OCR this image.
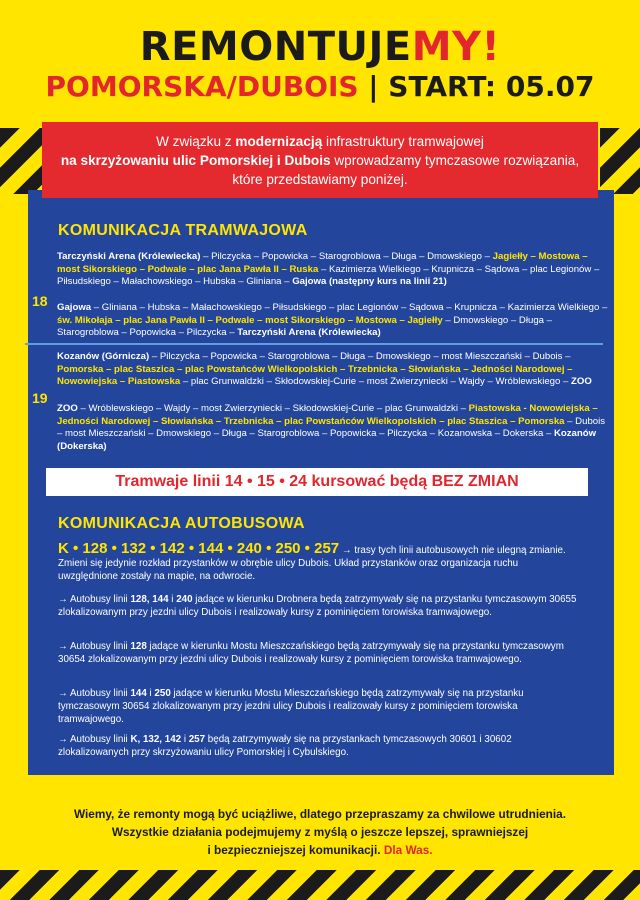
REMONTUJEMY!
POMORSKA/DUBOIS | START: 05.07
W związku z modernizacją infrastruktury tramwajowej
na skrzyżowaniu ulic Pomorskiej i Dubois wprowadzamy tymczasowe rozwiązania, które przedstawiamy poniżej.
KOMUNIKACJA TRAMWAJOWA
18
Tarczyński Arena (Królewiecka) – Pilczycka – Popowicka – Starogroblowa – Długa – Dmowskiego – Jagiełły – Mostowa – most Sikorskiego – Podwale – plac Jana Pawła II – Ruska – Kazimierza Wielkiego – Krupnicza – Sądowa – plac Legionów – Piłsudskiego – Małachowskiego – Hubska – Gliniana – Gajowa (następny kurs na linii 21)
Gajowa – Gliniana – Hubska – Małachowskiego – Piłsudskiego – plac Legionów – Sądowa – Krupnicza – Kazimierza Wielkiego – św. Mikołaja – plac Jana Pawła II – Podwale – most Sikorskiego – Mostowa – Jagiełły – Dmowskiego – Długa – Starogroblowa – Popowicka – Pilczycka – Tarczyński Arena (Królewiecka)
19
Kozanów (Górnicza) – Pilczycka – Popowicka – Starogroblowa – Długa – Dmowskiego – most Mieszczański – Dubois – Pomorska – plac Staszica – plac Powstańców Wielkopolskich – Trzebnicka – Słowiańska – Jedności Narodowej – Nowowiejska – Piastowska – plac Grunwaldzki – Skłodowskiej-Curie – most Zwierzyniecki – Wajdy – Wróblewskiego – ZOO
ZOO – Wróblewskiego – Wajdy – most Zwierzyniecki – Skłodowskiej-Curie – plac Grunwaldzki – Piastowska - Nowowiejska – Jedności Narodowej – Słowiańska – Trzebnicka – plac Powstańców Wielkopolskich – plac Staszica – Pomorska – Dubois – most Mieszczański – Dmowskiego – Długa – Starogroblowa – Popowicka – Pilczycka – Kozanowska – Dokerska – Kozanów (Dokerska)
Tramwaje linii 14 • 15 • 24 kursować będą BEZ ZMIAN
KOMUNIKACJA AUTOBUSOWA
K • 128 • 132 • 142 • 144 • 240 • 250 • 257 → trasy tych linii autobusowych nie ulegną zmianie. Zmieni się jedynie rozkład przystanków w obrębie ulicy Dubois. Układ przystanków oraz organizacja ruchu uwzględnione zostały na mapie, na odwrocie.
→ Autobusy linii 128, 144 i 240 jadące w kierunku Drobnera będą zatrzymywały się na przystanku tymczasowym 30655 zlokalizowanym przy jezdni ulicy Dubois i realizowały kursy z pominięciem torowiska tramwajowego.
→ Autobusy linii 128 jadące w kierunku Mostu Mieszczańskiego będą zatrzymywały się na przystanku tymczasowym 30654 zlokalizowanym przy jezdni ulicy Dubois i realizowały kursy z pominięciem torowiska tramwajowego.
→ Autobusy linii 144 i 250 jadące w kierunku Mostu Mieszczańskiego będą zatrzymywały się na przystanku tymczasowym 30654 zlokalizowanym przy jezdni ulicy Dubois i realizowały kursy z pominięciem torowiska tramwajowego.
→ Autobusy linii K, 132, 142 i 257 będą zatrzymywały się na przystankach tymczasowych 30601 i 30602 zlokalizowanych przy skrzyżowaniu ulicy Pomorskiej i Cybulskiego.
Wiemy, że remonty mogą być uciążliwe, dlatego przepraszamy za chwilowe utrudnienia.
Wszystkie działania podejmujemy z myślą o jeszcze lepszej, sprawniejszej
i bezpieczniejszej komunikacji. Dla Was.
